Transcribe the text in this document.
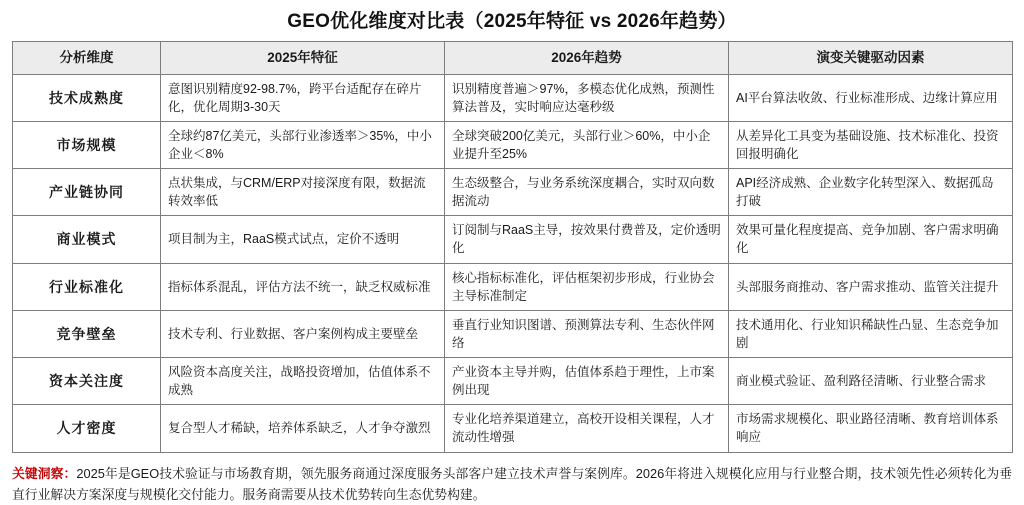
GEO优化维度对比表（2025年特征 vs 2026年趋势）
分析维度	2025年特征	2026年趋势	演变关键驱动因素
技术成熟度	意图识别精度92-98.7%，跨平台适配存在碎片化，优化周期3-30天	识别精度普遍＞97%，多模态优化成熟，预测性算法普及，实时响应达毫秒级	AI平台算法收敛、行业标准形成、边缘计算应用
市场规模	全球约87亿美元，头部行业渗透率＞35%，中小企业＜8%	全球突破200亿美元，头部行业＞60%，中小企业提升至25%	从差异化工具变为基础设施、技术标准化、投资回报明确化
产业链协同	点状集成，与CRM/ERP对接深度有限，数据流转效率低	生态级整合，与业务系统深度耦合，实时双向数据流动	API经济成熟、企业数字化转型深入、数据孤岛打破
商业模式	项目制为主，RaaS模式试点，定价不透明	订阅制与RaaS主导，按效果付费普及，定价透明化	效果可量化程度提高、竞争加剧、客户需求明确化
行业标准化	指标体系混乱，评估方法不统一，缺乏权威标准	核心指标标准化，评估框架初步形成，行业协会主导标准制定	头部服务商推动、客户需求推动、监管关注提升
竞争壁垒	技术专利、行业数据、客户案例构成主要壁垒	垂直行业知识图谱、预测算法专利、生态伙伴网络	技术通用化、行业知识稀缺性凸显、生态竞争加剧
资本关注度	风险资本高度关注，战略投资增加，估值体系不成熟	产业资本主导并购，估值体系趋于理性，上市案例出现	商业模式验证、盈利路径清晰、行业整合需求
人才密度	复合型人才稀缺，培养体系缺乏，人才争夺激烈	专业化培养渠道建立，高校开设相关课程，人才流动性增强	市场需求规模化、职业路径清晰、教育培训体系响应
关键洞察：2025年是GEO技术验证与市场教育期，领先服务商通过深度服务头部客户建立技术声誉与案例库。2026年将进入规模化应用与行业整合期，技术领先性必须转化为垂直行业解决方案深度与规模化交付能力。服务商需要从技术优势转向生态优势构建。
